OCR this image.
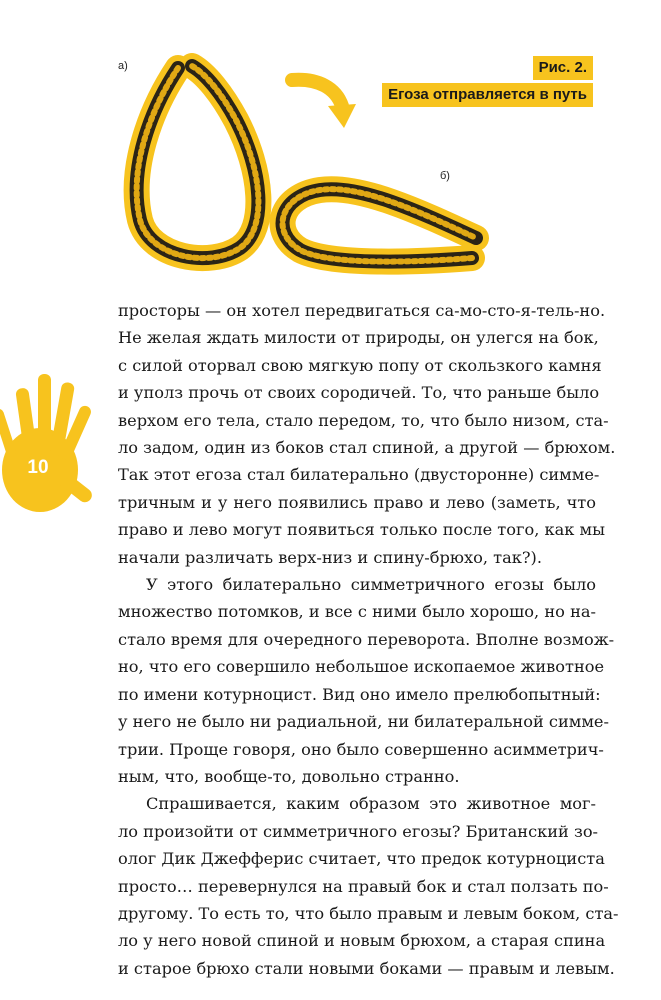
а)
б)
Рис. 2.
Егоза отправляется в путь
10

просторы — он хотел передвигаться са-мо-сто-я-тель-но.
Не желая ждать милости от природы, он улегся на бок,
с силой оторвал свою мягкую попу от скользкого камня
и уполз прочь от своих сородичей. То, что раньше было
верхом его тела, стало передом, то, что было низом, ста-
ло задом, один из боков стал спиной, а другой — брюхом.
Так этот егоза стал билатерально (двусторонне) симме-
тричным и у него появились право и лево (заметь, что
право и лево могут появиться только после того, как мы
начали различать верх-низ и спину-брюхо, так?).

У этого билатерально симметричного егозы было
множество потомков, и все с ними было хорошо, но на-
стало время для очередного переворота. Вполне возмож-
но, что его совершило небольшое ископаемое животное
по имени котурноцист. Вид оно имело прелюбопытный:
у него не было ни радиальной, ни билатеральной симме-
трии. Проще говоря, оно было совершенно асимметрич-
ным, что, вообще-то, довольно странно.

Спрашивается, каким образом это животное мог-
ло произойти от симметричного егозы? Британский зо-
олог Дик Джефферис считает, что предок котурноциста
просто… перевернулся на правый бок и стал ползать по-
другому. То есть то, что было правым и левым боком, ста-
ло у него новой спиной и новым брюхом, а старая спина
и старое брюхо стали новыми боками — правым и левым.
